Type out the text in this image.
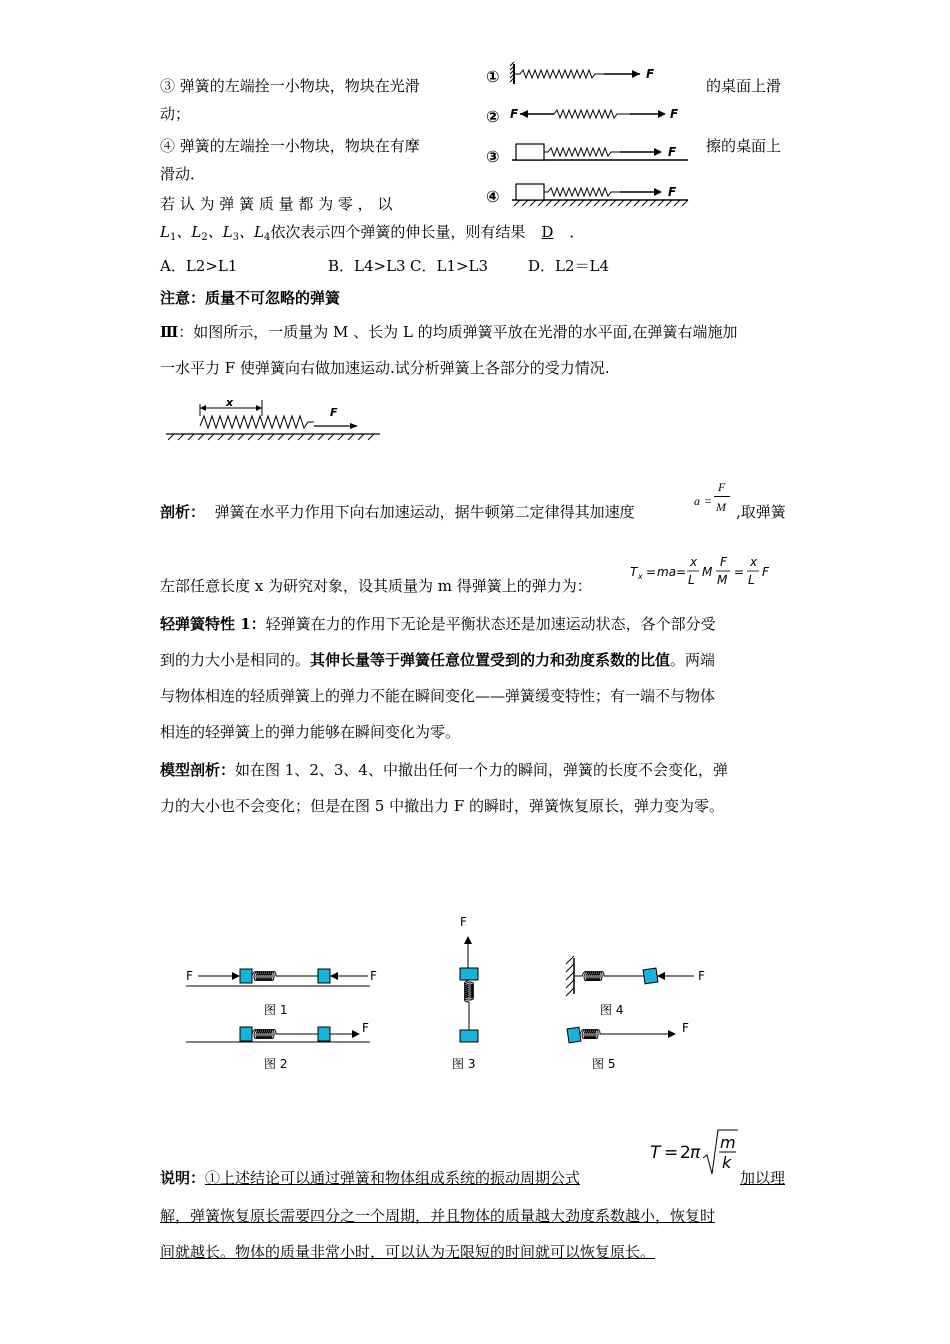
③ 弹簧的左端拴一小物块，物块在光滑	的桌面上滑
动；
④ 弹簧的左端拴一小物块，物块在有摩	擦的桌面上
滑动．
若 认 为 弹 簧 质 量 都 为 零 ， 以
$L_1$、$L_2$、$L_3$、$L_4$依次表示四个弹簧的伸长量，则有结果 D ．
A．L2>L1	B．L4>L3 C．L1>L3	D．L2＝L4
①
②
③
④
F
F	F
F
F
注意：质量不可忽略的弹簧
Ⅲ：如图所示，一质量为 M 、长为 L 的均质弹簧平放在光滑的水平面,在弹簧右端施加
一水平力 F 使弹簧向右做加速运动.试分析弹簧上各部分的受力情况.
x
F
剖析： 弹簧在水平力作用下向右加速运动，据牛顿第二定律得其加速度
a =
F
M ,取弹簧
左部任意长度 x 为研究对象，设其质量为 m 得弹簧上的弹力为：
T x = ma =
x
L
M
F
M
=
x
L
F
轻弹簧特性 1：轻弹簧在力的作用下无论是平衡状态还是加速运动状态，各个部分受
到的力大小是相同的。其伸长量等于弹簧任意位置受到的力和劲度系数的比值。两端
与物体相连的轻质弹簧上的弹力不能在瞬间变化——弹簧缓变特性；有一端不与物体
相连的轻弹簧上的弹力能够在瞬间变化为零。
模型剖析：如在图 1、2、3、4、中撤出任何一个力的瞬间，弹簧的长度不会变化，弹
力的大小也不会变化；但是在图 5 中撤出力 F 的瞬时，弹簧恢复原长，弹力变为零。
F	F
图 1
F
图 2
F
图 3
F
图 4
F
图 5
说明：①上述结论可以通过弹簧和物体组成系统的振动周期公式
T = 2 π
m
k
加以理
解，弹簧恢复原长需要四分之一个周期，并且物体的质量越大劲度系数越小，恢复时
间就越长。物体的质量非常小时，可以认为无限短的时间就可以恢复原长。
